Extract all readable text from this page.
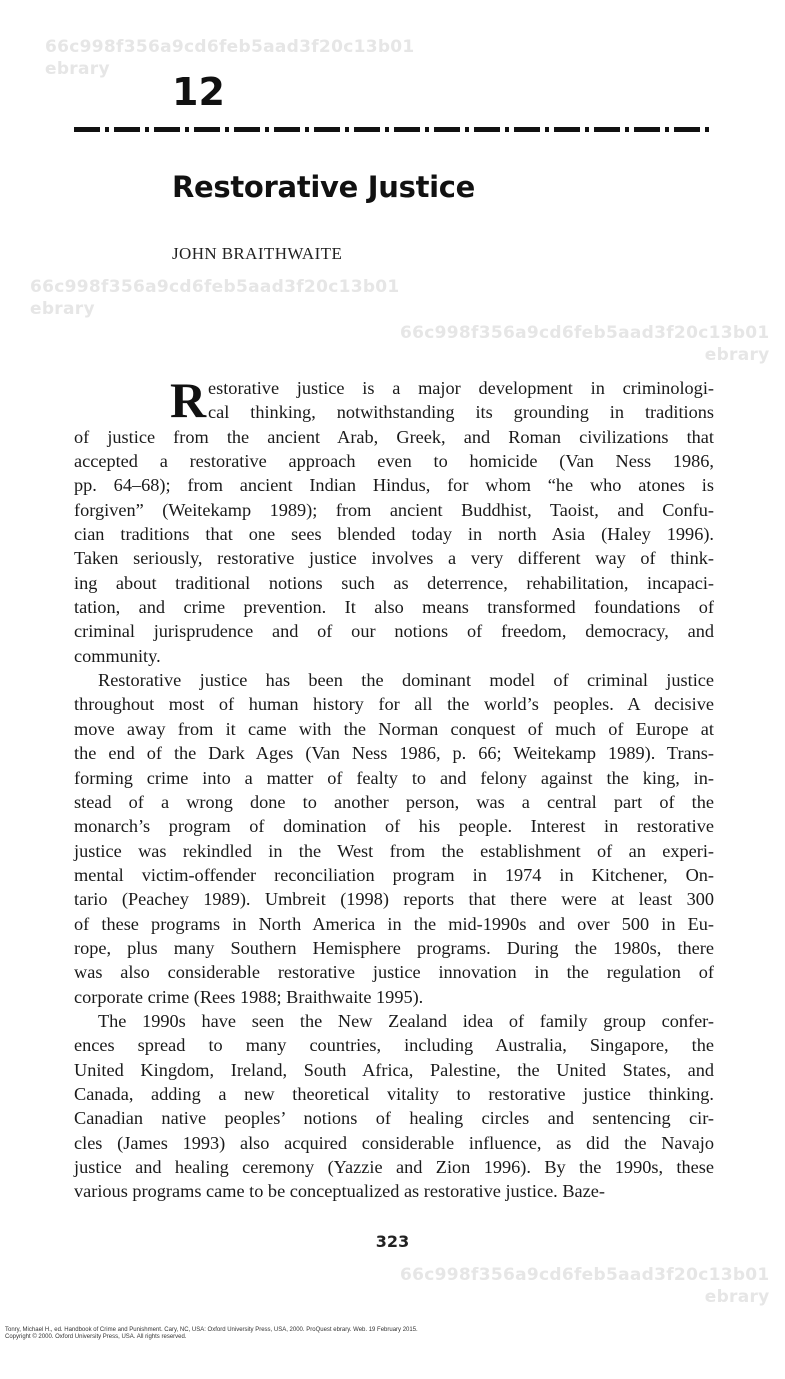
66c998f356a9cd6feb5aad3f20c13b01
ebrary
66c998f356a9cd6feb5aad3f20c13b01
ebrary
66c998f356a9cd6feb5aad3f20c13b01
ebrary
66c998f356a9cd6feb5aad3f20c13b01
ebrary
12
Restorative Justice
JOHN BRAITHWAITE
R estorative justice is a major development in criminologi-
cal thinking, notwithstanding its grounding in traditions
of justice from the ancient Arab, Greek, and Roman civilizations that
accepted a restorative approach even to homicide (Van Ness 1986,
pp. 64–68); from ancient Indian Hindus, for whom “he who atones is
forgiven” (Weitekamp 1989); from ancient Buddhist, Taoist, and Confu-
cian traditions that one sees blended today in north Asia (Haley 1996).
Taken seriously, restorative justice involves a very different way of think-
ing about traditional notions such as deterrence, rehabilitation, incapaci-
tation, and crime prevention. It also means transformed foundations of
criminal jurisprudence and of our notions of freedom, democracy, and
community.
Restorative justice has been the dominant model of criminal justice
throughout most of human history for all the world’s peoples. A decisive
move away from it came with the Norman conquest of much of Europe at
the end of the Dark Ages (Van Ness 1986, p. 66; Weitekamp 1989). Trans-
forming crime into a matter of fealty to and felony against the king, in-
stead of a wrong done to another person, was a central part of the
monarch’s program of domination of his people. Interest in restorative
justice was rekindled in the West from the establishment of an experi-
mental victim-offender reconciliation program in 1974 in Kitchener, On-
tario (Peachey 1989). Umbreit (1998) reports that there were at least 300
of these programs in North America in the mid-1990s and over 500 in Eu-
rope, plus many Southern Hemisphere programs. During the 1980s, there
was also considerable restorative justice innovation in the regulation of
corporate crime (Rees 1988; Braithwaite 1995).
The 1990s have seen the New Zealand idea of family group confer-
ences spread to many countries, including Australia, Singapore, the
United Kingdom, Ireland, South Africa, Palestine, the United States, and
Canada, adding a new theoretical vitality to restorative justice thinking.
Canadian native peoples’ notions of healing circles and sentencing cir-
cles (James 1993) also acquired considerable influence, as did the Navajo
justice and healing ceremony (Yazzie and Zion 1996). By the 1990s, these
various programs came to be conceptualized as restorative justice. Baze-
323
Tonry, Michael H., ed. Handbook of Crime and Punishment. Cary, NC, USA: Oxford University Press, USA, 2000. ProQuest ebrary. Web. 19 February 2015.
Copyright © 2000. Oxford University Press, USA. All rights reserved.
